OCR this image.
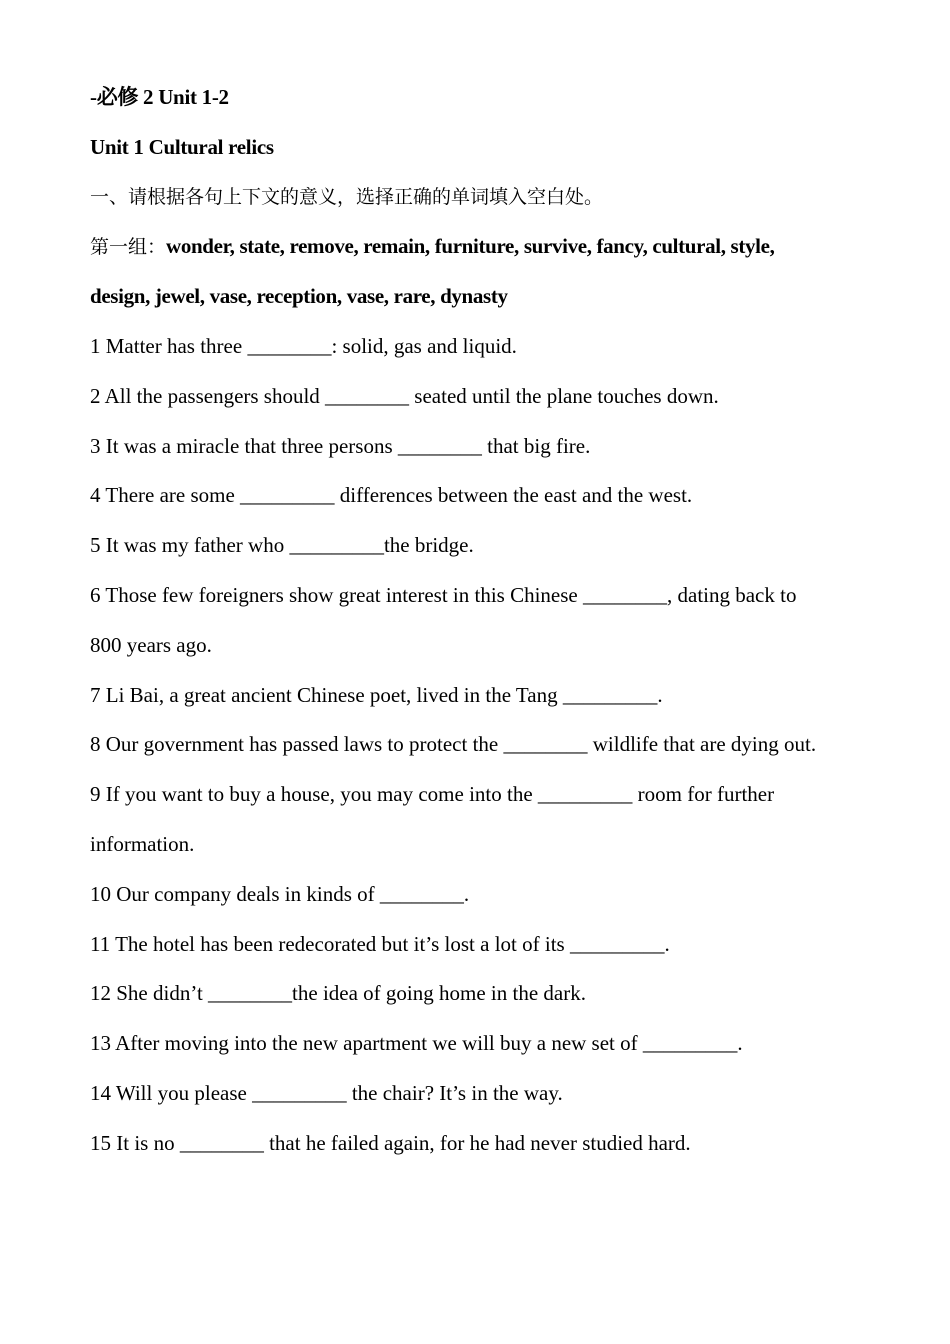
-必修 2 Unit 1-2
Unit 1 Cultural relics
一、请根据各句上下文的意义，选择正确的单词填入空白处。
第一组：wonder, state, remove, remain, furniture, survive, fancy, cultural, style,
design, jewel, vase, reception, vase, rare, dynasty
1 Matter has three ________: solid, gas and liquid.
2 All the passengers should ________ seated until the plane touches down.
3 It was a miracle that three persons ________ that big fire.
4 There are some _________ differences between the east and the west.
5 It was my father who _________the bridge.
6 Those few foreigners show great interest in this Chinese ________, dating back to
800 years ago.
7 Li Bai, a great ancient Chinese poet, lived in the Tang _________.
8 Our government has passed laws to protect the ________ wildlife that are dying out.
9 If you want to buy a house, you may come into the _________ room for further
information.
10 Our company deals in kinds of ________.
11 The hotel has been redecorated but it’s lost a lot of its _________.
12 She didn’t ________the idea of going home in the dark.
13 After moving into the new apartment we will buy a new set of _________.
14 Will you please _________ the chair? It’s in the way.
15 It is no ________ that he failed again, for he had never studied hard.
